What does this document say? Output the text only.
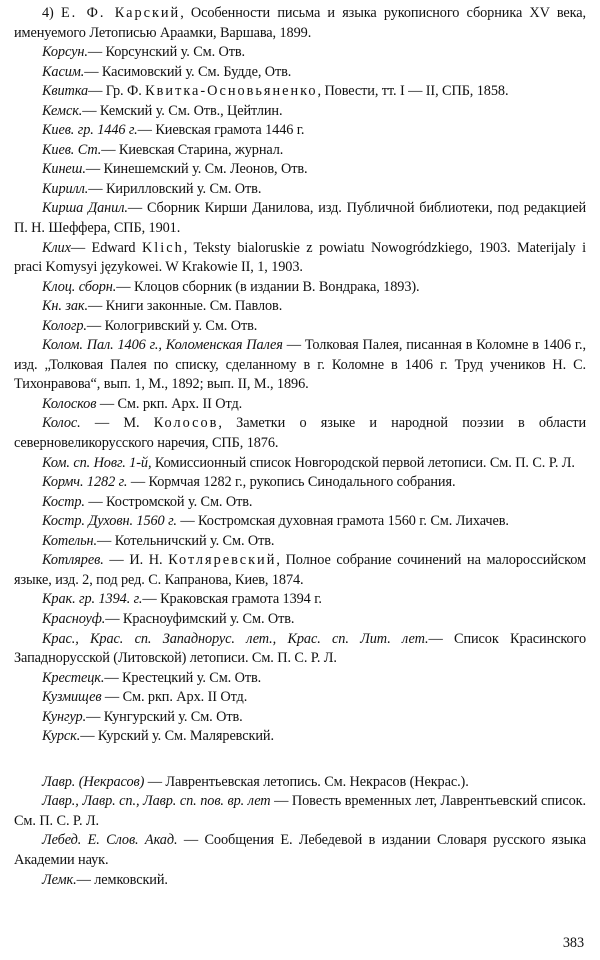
4) Е. Ф. Карский, Особенности письма и языка рукописного сборника XV века, именуемого Летописью Араамки, Варшава, 1899.

Корсун.— Корсунский у. См. Отв.

Касим.— Касимовский у. См. Будде, Отв.

Квитка— Гр. Ф. Квитка-Основьяненко, Повести, тт. I — II, СПБ, 1858.

Кемск.— Кемский у. См. Отв., Цейтлин.

Киев. гр. 1446 г.— Киевская грамота 1446 г.

Киев. Ст.— Киевская Старина, журнал.

Кинеш.— Кинешемский у. См. Леонов, Отв.

Кирилл.— Кирилловский у. См. Отв.

Кирша Данил.— Сборник Кирши Данилова, изд. Публичной библиотеки, под редакцией П. Н. Шеффера, СПБ, 1901.

Клих— Edward Klich, Teksty bialoruskie z powiatu Nowogródzkiego, 1903. Materijaly i praci Komysyi językowei. W Krakowie II, 1, 1903.

Клоц. сборн.— Клоцов сборник (в издании В. Вондрака, 1893).

Кн. зак.— Книги законные. См. Павлов.

Кологр.— Кологривский у. См. Отв.

Колом. Пал. 1406 г., Коломенская Палея — Толковая Палея, писанная в Коломне в 1406 г., изд. „Толковая Палея по списку, сделанному в г. Коломне в 1406 г. Труд учеников Н. С. Тихонравова“, вып. 1, М., 1892; вып. II, М., 1896.

Колосков — См. ркп. Арх. II Отд.

Колос. — М. Колосов, Заметки о языке и народной поэзии в области северновеликорусского наречия, СПБ, 1876.

Ком. сп. Новг. 1-й, Комиссионный список Новгородской первой летописи. См. П. С. Р. Л.

Кормч. 1282 г. — Кормчая 1282 г., рукопись Синодального собрания.

Костр. — Костромской у. См. Отв.

Костр. Духовн. 1560 г. — Костромская духовная грамота 1560 г. См. Лихачев.

Котельн.— Котельничский у. См. Отв.

Котлярев. — И. Н. Котляревский, Полное собрание сочинений на малороссийском языке, изд. 2, под ред. С. Капранова, Киев, 1874.

Крак. гр. 1394. г.— Краковская грамота 1394 г.

Красноуф.— Красноуфимский у. См. Отв.

Крас., Крас. сп. Западнорус. лет., Крас. сп. Лит. лет.— Список Красинского Западнорусской (Литовской) летописи. См. П. С. Р. Л.

Крестецк.— Крестецкий у. См. Отв.

Кузмищев — См. ркп. Арх. II Отд.

Кунгур.— Кунгурский у. См. Отв.

Курск.— Курский у. См. Маляревский.

Лавр. (Некрасов) — Лаврентьевская летопись. См. Некрасов (Некрас.).

Лавр., Лавр. сп., Лавр. сп. пов. вр. лет — Повесть временных лет, Лаврентьевский список. См. П. С. Р. Л.

Лебед. Е. Слов. Акад. — Сообщения Е. Лебедевой в издании Словаря русского языка Академии наук.

Лемк.— лемковский.

383
